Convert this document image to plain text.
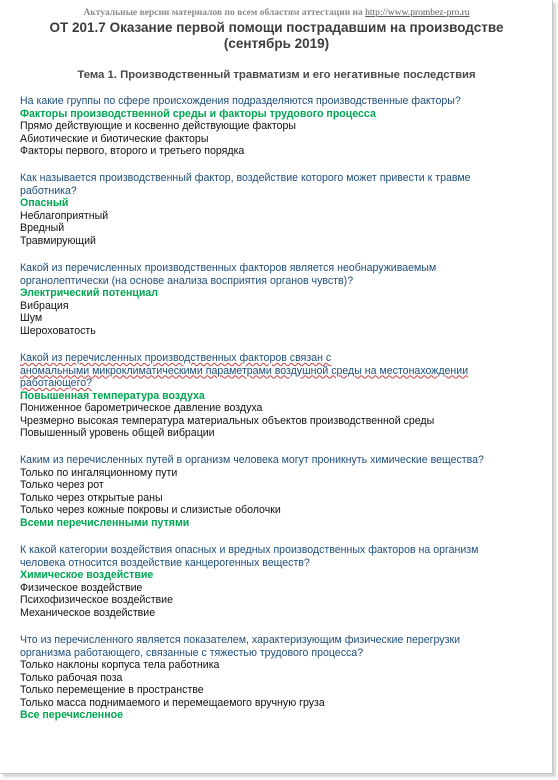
Актуальные версии материалов по всем областям аттестации на http://www.prombez-pro.ru
ОТ 201.7 Оказание первой помощи пострадавшим на производстве
(сентябрь 2019)
Тема 1. Производственный травматизм и его негативные последствия
На какие группы по сфере происхождения подразделяются производственные факторы?
Факторы производственной среды и факторы трудового процесса
Прямо действующие и косвенно действующие факторы
Абиотические и биотические факторы
Факторы первого, второго и третьего порядка
Как называется производственный фактор, воздействие которого может привести к травме
работника?
Опасный
Неблагоприятный
Вредный
Травмирующий
Какой из перечисленных производственных факторов является необнаруживаемым
органолептически (на основе анализа восприятия органов чувств)?
Электрический потенциал
Вибрация
Шум
Шероховатость
Какой из перечисленных производственных факторов связан с
аномальными микроклиматическими параметрами воздушной среды на местонахождении
работающего?
Повышенная температура воздуха
Пониженное барометрическое давление воздуха
Чрезмерно высокая температура материальных объектов производственной среды
Повышенный уровень общей вибрации
Каким из перечисленных путей в организм человека могут проникнуть химические вещества?
Только по ингаляционному пути
Только через рот
Только через открытые раны
Только через кожные покровы и слизистые оболочки
Всеми перечисленными путями
К какой категории воздействия опасных и вредных производственных факторов на организм
человека относится воздействие канцерогенных веществ?
Химическое воздействие
Физическое воздействие
Психофизическое воздействие
Механическое воздействие
Что из перечисленного является показателем, характеризующим физические перегрузки
организма работающего, связанные с тяжестью трудового процесса?
Только наклоны корпуса тела работника
Только рабочая поза
Только перемещение в пространстве
Только масса поднимаемого и перемещаемого вручную груза
Все перечисленное
